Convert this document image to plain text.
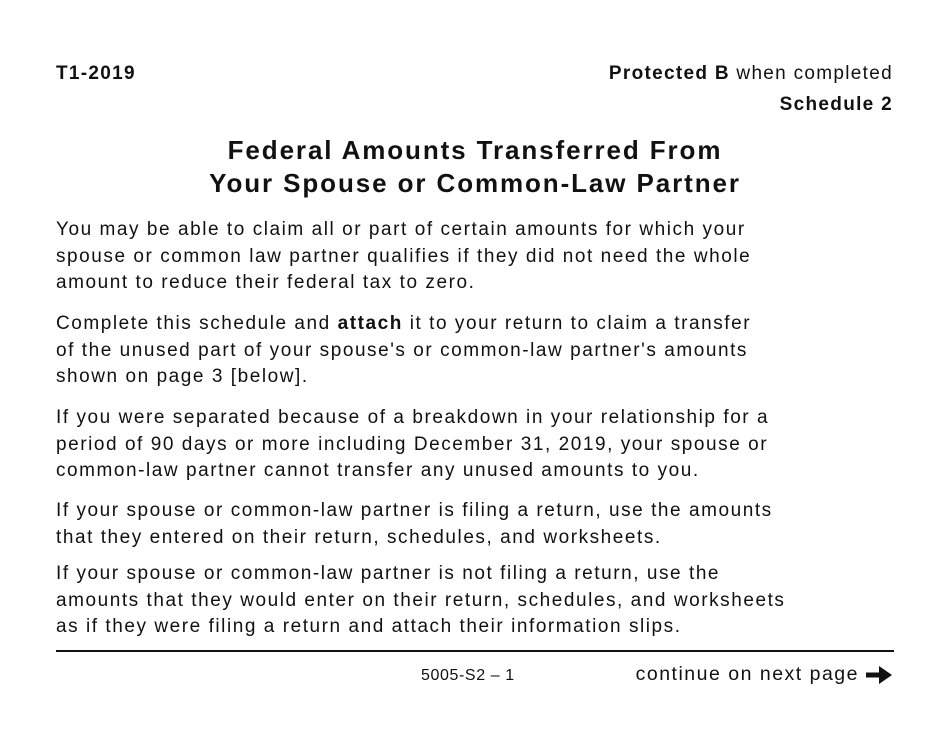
T1-2019	Protected B when completed
Schedule 2
Federal Amounts Transferred From
Your Spouse or Common-Law Partner

You may be able to claim all or part of certain amounts for which your
spouse or common law partner qualifies if they did not need the whole
amount to reduce their federal tax to zero.

Complete this schedule and attach it to your return to claim a transfer
of the unused part of your spouse's or common-law partner's amounts
shown on page 3 [below].

If you were separated because of a breakdown in your relationship for a
period of 90 days or more including December 31, 2019, your spouse or
common-law partner cannot transfer any unused amounts to you.

If your spouse or common-law partner is filing a return, use the amounts
that they entered on their return, schedules, and worksheets.

If your spouse or common-law partner is not filing a return, use the
amounts that they would enter on their return, schedules, and worksheets
as if they were filing a return and attach their information slips.

5005-S2 – 1	continue on next page
